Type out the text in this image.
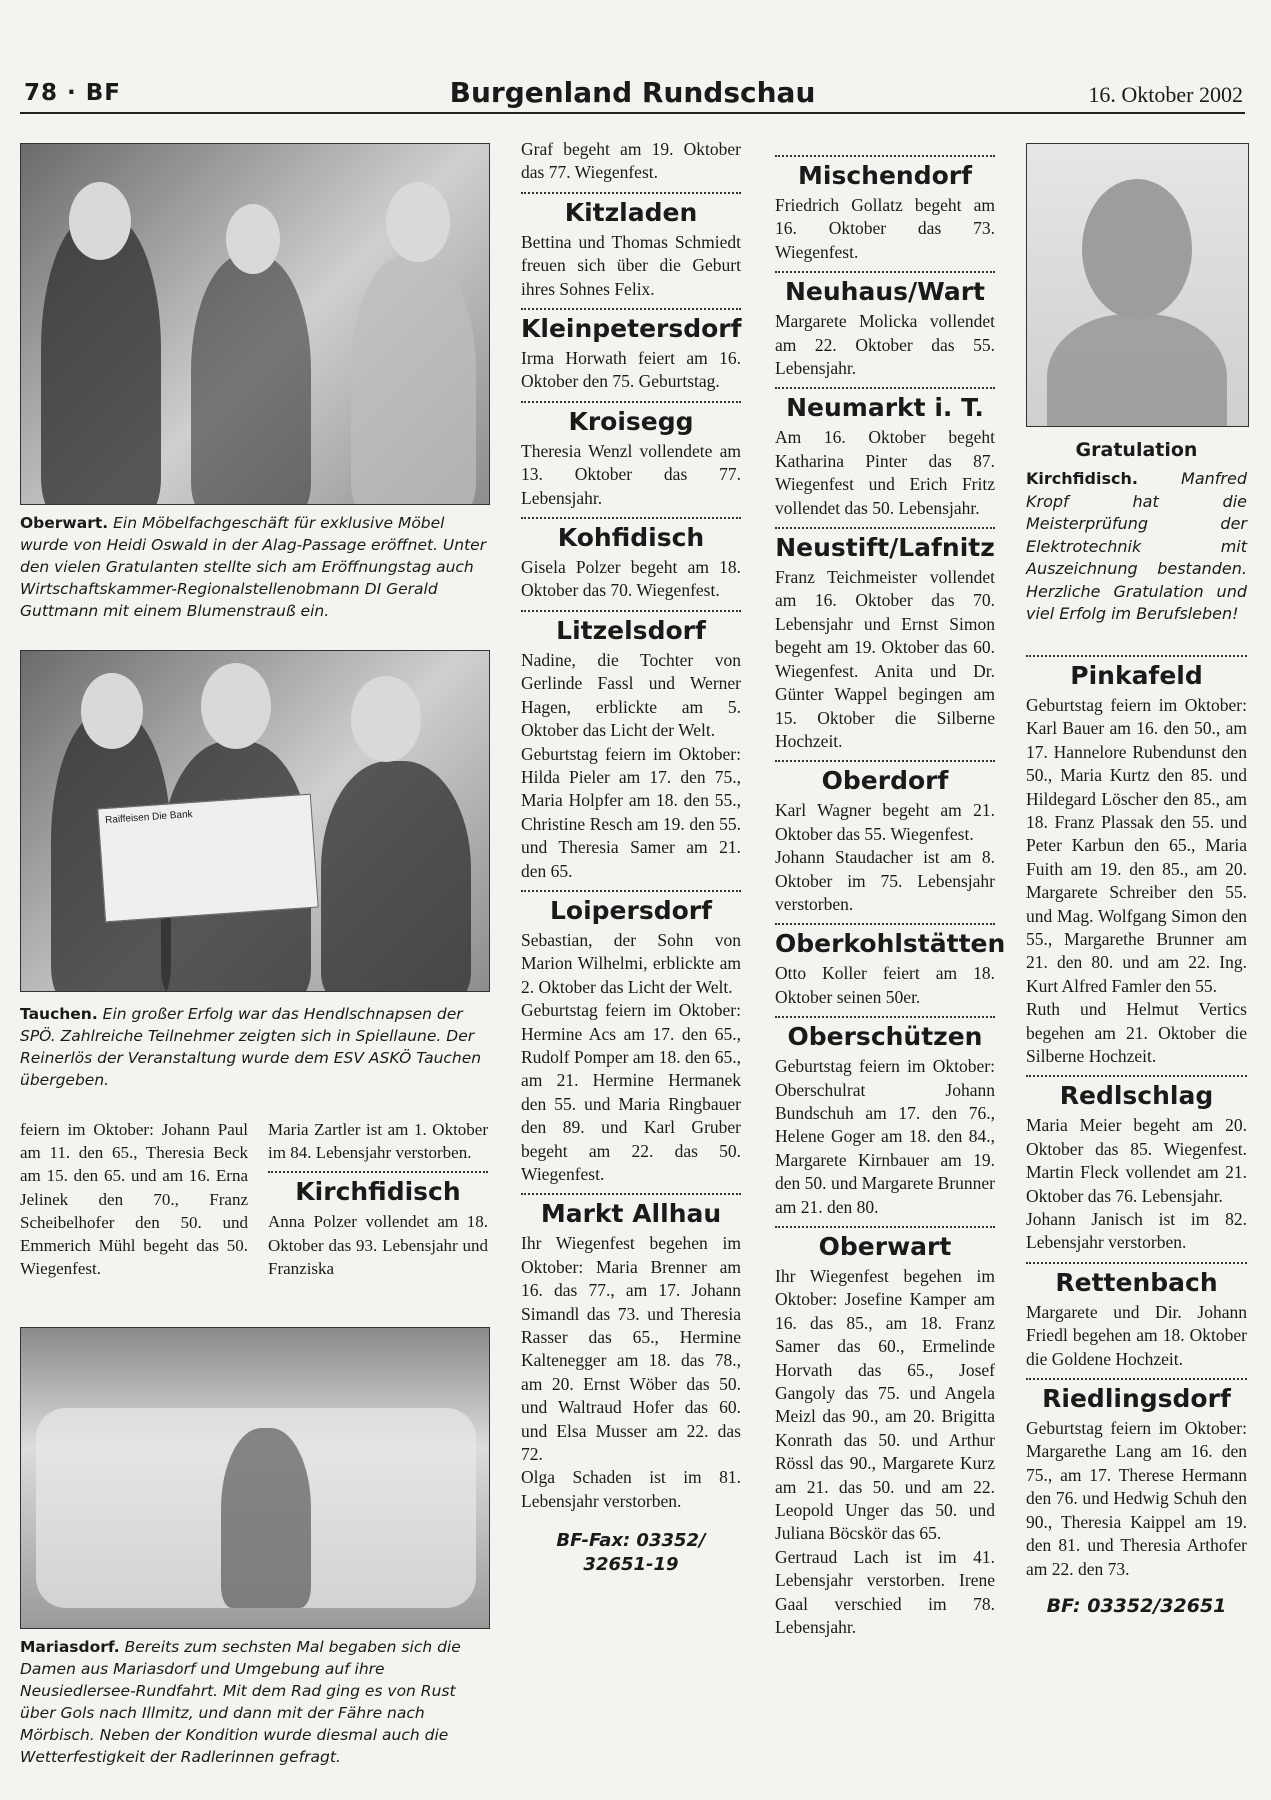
78 · BF	Burgenland Rundschau	16. Oktober 2002
Oberwart. Ein Möbelfachgeschäft für exklusive Möbel wurde von Heidi Oswald in der Alag-Passage eröffnet. Unter den vielen Gratulanten stellte sich am Eröffnungstag auch Wirtschaftskammer-Regionalstellenobmann DI Gerald Guttmann mit einem Blumenstrauß ein.
Raiffeisen Die Bank
Tauchen. Ein großer Erfolg war das Hendlschnapsen der SPÖ. Zahlreiche Teilnehmer zeigten sich in Spiellaune. Der Reinerlös der Veranstaltung wurde dem ESV ASKÖ Tauchen übergeben.

feiern im Oktober: Johann Paul am 11. den 65., Theresia Beck am 15. den 65. und am 16. Erna Jelinek den 70., Franz Scheibelhofer den 50. und Emmerich Mühl begeht das 50. Wiegenfest.

Maria Zartler ist am 1. Oktober im 84. Lebensjahr verstorben.

Kirchfidisch

Anna Polzer vollendet am 18. Oktober das 93. Lebensjahr und Franziska

Mariasdorf. Bereits zum sechsten Mal begaben sich die Damen aus Mariasdorf und Umgebung auf ihre Neusiedlersee-Rundfahrt. Mit dem Rad ging es von Rust über Gols nach Illmitz, und dann mit der Fähre nach Mörbisch. Neben der Kondition wurde diesmal auch die Wetterfestigkeit der Radlerinnen gefragt.

Graf begeht am 19. Oktober das 77. Wiegenfest.

Kitzladen

Bettina und Thomas Schmiedt freuen sich über die Geburt ihres Sohnes Felix.

Kleinpetersdorf

Irma Horwath feiert am 16. Oktober den 75. Geburtstag.

Kroisegg

Theresia Wenzl vollendete am 13. Oktober das 77. Lebensjahr.

Kohfidisch

Gisela Polzer begeht am 18. Oktober das 70. Wiegenfest.

Litzelsdorf

Nadine, die Tochter von Gerlinde Fassl und Werner Hagen, erblickte am 5. Oktober das Licht der Welt.

Geburtstag feiern im Oktober: Hilda Pieler am 17. den 75., Maria Holpfer am 18. den 55., Christine Resch am 19. den 55. und Theresia Samer am 21. den 65.

Loipersdorf

Sebastian, der Sohn von Marion Wilhelmi, erblickte am 2. Oktober das Licht der Welt.

Geburtstag feiern im Oktober: Hermine Acs am 17. den 65., Rudolf Pomper am 18. den 65., am 21. Hermine Hermanek den 55. und Maria Ringbauer den 89. und Karl Gruber begeht am 22. das 50. Wiegenfest.

Markt Allhau

Ihr Wiegenfest begehen im Oktober: Maria Brenner am 16. das 77., am 17. Johann Simandl das 73. und Theresia Rasser das 65., Hermine Kaltenegger am 18. das 78., am 20. Ernst Wöber das 50. und Waltraud Hofer das 60. und Elsa Musser am 22. das 72.

Olga Schaden ist im 81. Lebensjahr verstorben.

BF-Fax: 03352/ 32651-19
Mischendorf

Friedrich Gollatz begeht am 16. Oktober das 73. Wiegenfest.

Neuhaus/Wart

Margarete Molicka vollendet am 22. Oktober das 55. Lebensjahr.

Neumarkt i. T.

Am 16. Oktober begeht Katharina Pinter das 87. Wiegenfest und Erich Fritz vollendet das 50. Lebensjahr.

Neustift/Lafnitz

Franz Teichmeister vollendet am 16. Oktober das 70. Lebensjahr und Ernst Simon begeht am 19. Oktober das 60. Wiegenfest. Anita und Dr. Günter Wappel begingen am 15. Oktober die Silberne Hochzeit.

Oberdorf

Karl Wagner begeht am 21. Oktober das 55. Wiegenfest.

Johann Staudacher ist am 8. Oktober im 75. Lebensjahr verstorben.

Oberkohlstätten

Otto Koller feiert am 18. Oktober seinen 50er.

Oberschützen

Geburtstag feiern im Oktober: Oberschulrat Johann Bundschuh am 17. den 76., Helene Goger am 18. den 84., Margarete Kirnbauer am 19. den 50. und Margarete Brunner am 21. den 80.

Oberwart

Ihr Wiegenfest begehen im Oktober: Josefine Kamper am 16. das 85., am 18. Franz Samer das 60., Ermelinde Horvath das 65., Josef Gangoly das 75. und Angela Meizl das 90., am 20. Brigitta Konrath das 50. und Arthur Rössl das 90., Margarete Kurz am 21. das 50. und am 22. Leopold Unger das 50. und Juliana Böcskör das 65.

Gertraud Lach ist im 41. Lebensjahr verstorben. Irene Gaal verschied im 78. Lebensjahr.

Gratulation
Kirchfidisch.	Manfred Kropf hat die Meisterprüfung der Elektrotechnik mit Auszeichnung bestanden. Herzliche Gratulation und viel Erfolg im Berufsleben!
Pinkafeld

Geburtstag feiern im Oktober: Karl Bauer am 16. den 50., am 17. Hannelore Rubendunst den 50., Maria Kurtz den 85. und Hildegard Löscher den 85., am 18. Franz Plassak den 55. und Peter Karbun den 65., Maria Fuith am 19. den 85., am 20. Margarete Schreiber den 55. und Mag. Wolfgang Simon den 55., Margarethe Brunner am 21. den 80. und am 22. Ing. Kurt Alfred Famler den 55.

Ruth und Helmut Vertics begehen am 21. Oktober die Silberne Hochzeit.

Redlschlag

Maria Meier begeht am 20. Oktober das 85. Wiegenfest. Martin Fleck vollendet am 21. Oktober das 76. Lebensjahr.

Johann Janisch ist im 82. Lebensjahr verstorben.

Rettenbach

Margarete und Dir. Johann Friedl begehen am 18. Oktober die Goldene Hochzeit.

Riedlingsdorf

Geburtstag feiern im Oktober: Margarethe Lang am 16. den 75., am 17. Therese Hermann den 76. und Hedwig Schuh den 90., Theresia Kaippel am 19. den 81. und Theresia Arthofer am 22. den 73.

BF: 03352/32651
